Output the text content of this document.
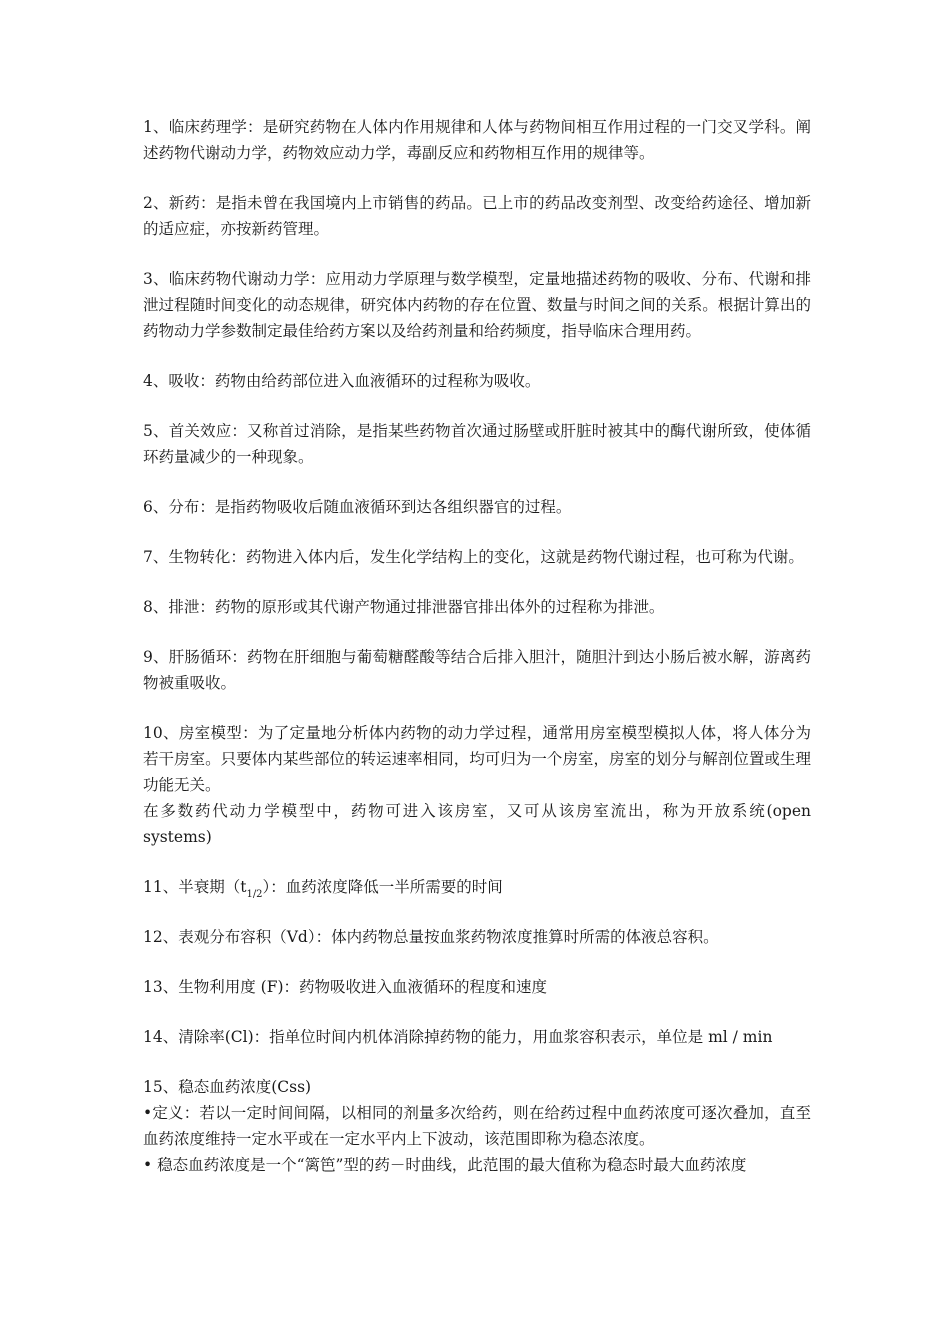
1、临床药理学：是研究药物在人体内作用规律和人体与药物间相互作用过程的一门交叉学科。阐述药物代谢动力学，药物效应动力学，毒副反应和药物相互作用的规律等。

2、新药：是指未曾在我国境内上市销售的药品。已上市的药品改变剂型、改变给药途径、增加新的适应症，亦按新药管理。

3、临床药物代谢动力学：应用动力学原理与数学模型，定量地描述药物的吸收、分布、代谢和排泄过程随时间变化的动态规律，研究体内药物的存在位置、数量与时间之间的关系。根据计算出的药物动力学参数制定最佳给药方案以及给药剂量和给药频度，指导临床合理用药。

4、吸收：药物由给药部位进入血液循环的过程称为吸收。

5、首关效应：又称首过消除，是指某些药物首次通过肠壁或肝脏时被其中的酶代谢所致，使体循环药量减少的一种现象。

6、分布：是指药物吸收后随血液循环到达各组织器官的过程。

7、生物转化：药物进入体内后，发生化学结构上的变化，这就是药物代谢过程，也可称为代谢。

8、排泄：药物的原形或其代谢产物通过排泄器官排出体外的过程称为排泄。

9、肝肠循环：药物在肝细胞与葡萄糖醛酸等结合后排入胆汁，随胆汁到达小肠后被水解，游离药物被重吸收。

10、房室模型：为了定量地分析体内药物的动力学过程，通常用房室模型模拟人体，将人体分为若干房室。只要体内某些部位的转运速率相同，均可归为一个房室，房室的划分与解剖位置或生理功能无关。

在多数药代动力学模型中，药物可进入该房室，又可从该房室流出，称为开放系统(open systems)

11、半衰期$(t_{1/2})$：血药浓度降低一半所需要的时间

12、表观分布容积（Vd）：体内药物总量按血浆药物浓度推算时所需的体液总容积。

13、生物利用度 (F)：药物吸收进入血液循环的程度和速度

14、清除率(Cl)：指单位时间内机体消除掉药物的能力，用血浆容积表示，单位是 ml / min

15、稳态血药浓度(Css)

•定义：若以一定时间间隔，以相同的剂量多次给药，则在给药过程中血药浓度可逐次叠加，直至血药浓度维持一定水平或在一定水平内上下波动，该范围即称为稳态浓度。

• 稳态血药浓度是一个“篱笆”型的药－时曲线，此范围的最大值称为稳态时最大血药浓度
